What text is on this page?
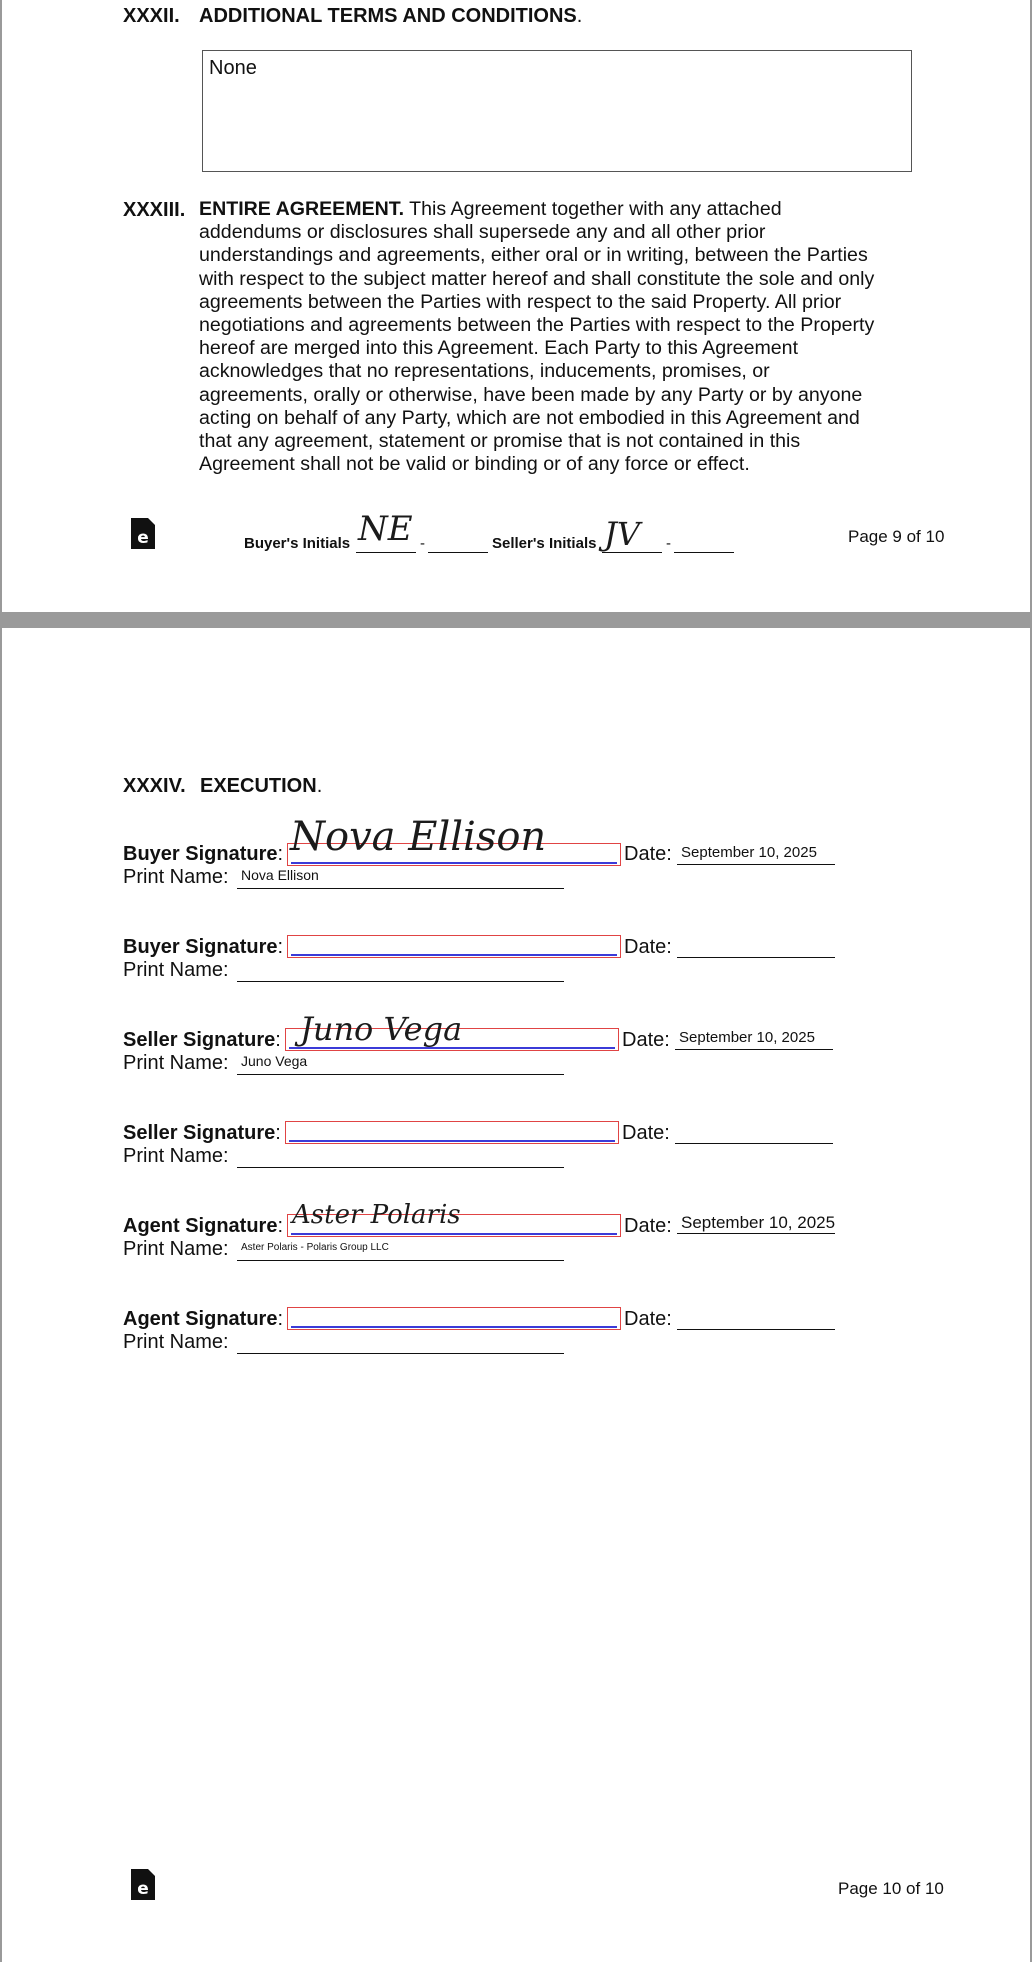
XXXII. ADDITIONAL TERMS AND CONDITIONS.
None
XXXIII. ENTIRE AGREEMENT. This Agreement together with any attached
addendums or disclosures shall supersede any and all other prior
understandings and agreements, either oral or in writing, between the Parties
with respect to the subject matter hereof and shall constitute the sole and only
agreements between the Parties with respect to the said Property. All prior
negotiations and agreements between the Parties with respect to the Property
hereof are merged into this Agreement. Each Party to this Agreement
acknowledges that no representations, inducements, promises, or
agreements, orally or otherwise, have been made by any Party or by anyone
acting on behalf of any Party, which are not embodied in this Agreement and
that any agreement, statement or promise that is not contained in this
Agreement shall not be valid or binding or of any force or effect.
e	Buyer's Initials NE -	Seller's Initials JV -	Page 9 of 10
XXXIV. EXECUTION.
Buyer Signature: Nova Ellison	Date: September 10, 2025
Print Name: Nova Ellison
Buyer Signature:	Date:
Print Name:
Seller Signature: Juno Vega	Date: September 10, 2025
Print Name: Juno Vega
Seller Signature:	Date:
Print Name:
Agent Signature: Aster Polaris	Date: September 10, 2025
Print Name: Aster Polaris - Polaris Group LLC
Agent Signature:	Date:
Print Name:
e	Page 10 of 10
